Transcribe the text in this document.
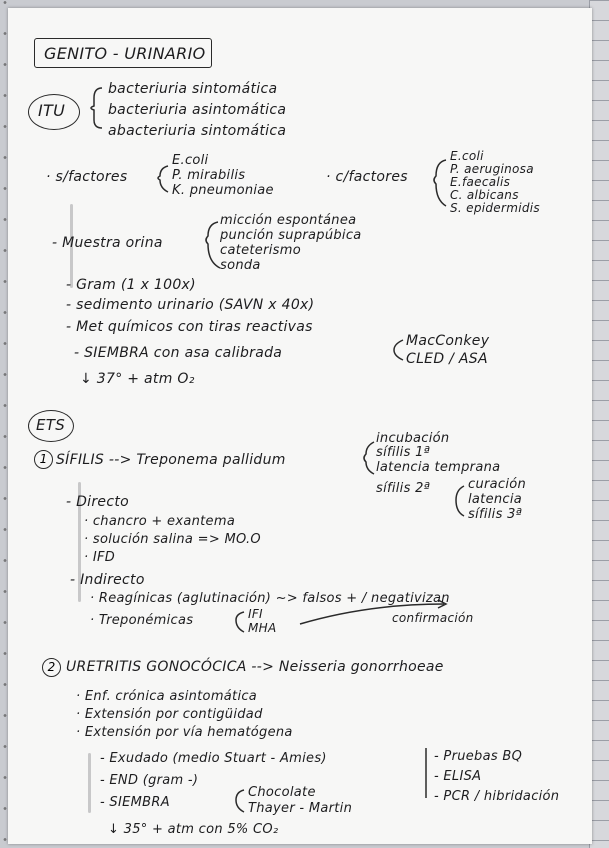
GENITO - URINARIO
ITU
bacteriuria sintomática
bacteriuria asintomática
abacteriuria sintomática
· s/factores
E.coli
P. mirabilis
K. pneumoniae
· c/factores
E.coli
P. aeruginosa
E.faecalis
C. albicans
S. epidermidis
- Muestra orina
micción espontánea
punción suprapúbica
cateterismo
sonda
- Gram (1 x 100x)
- sedimento urinario (SAVN x 40x)
- Met químicos con tiras reactivas
- SIEMBRA con asa calibrada
MacConkey
CLED / ASA
↓ 37° + atm O₂
ETS
1 SÍFILIS --> Treponema pallidum
incubación
sífilis 1ª
latencia temprana
sífilis 2ª	curación
latencia
sífilis 3ª
- Directo
· chancro + exantema
· solución salina => MO.O
· IFD
- Indirecto
· Reagínicas (aglutinación) ~> falsos + / negativizan
· Treponémicas	IFI
MHA
confirmación
2 URETRITIS GONOCÓCICA --> Neisseria gonorrhoeae
· Enf. crónica asintomática
· Extensión por contigüidad
· Extensión por vía hematógena
- Exudado (medio Stuart - Amies)
- END (gram -)
- SIEMBRA
Chocolate
Thayer - Martin
↓ 35° + atm con 5% CO₂
- Pruebas BQ
- ELISA
- PCR / hibridación
